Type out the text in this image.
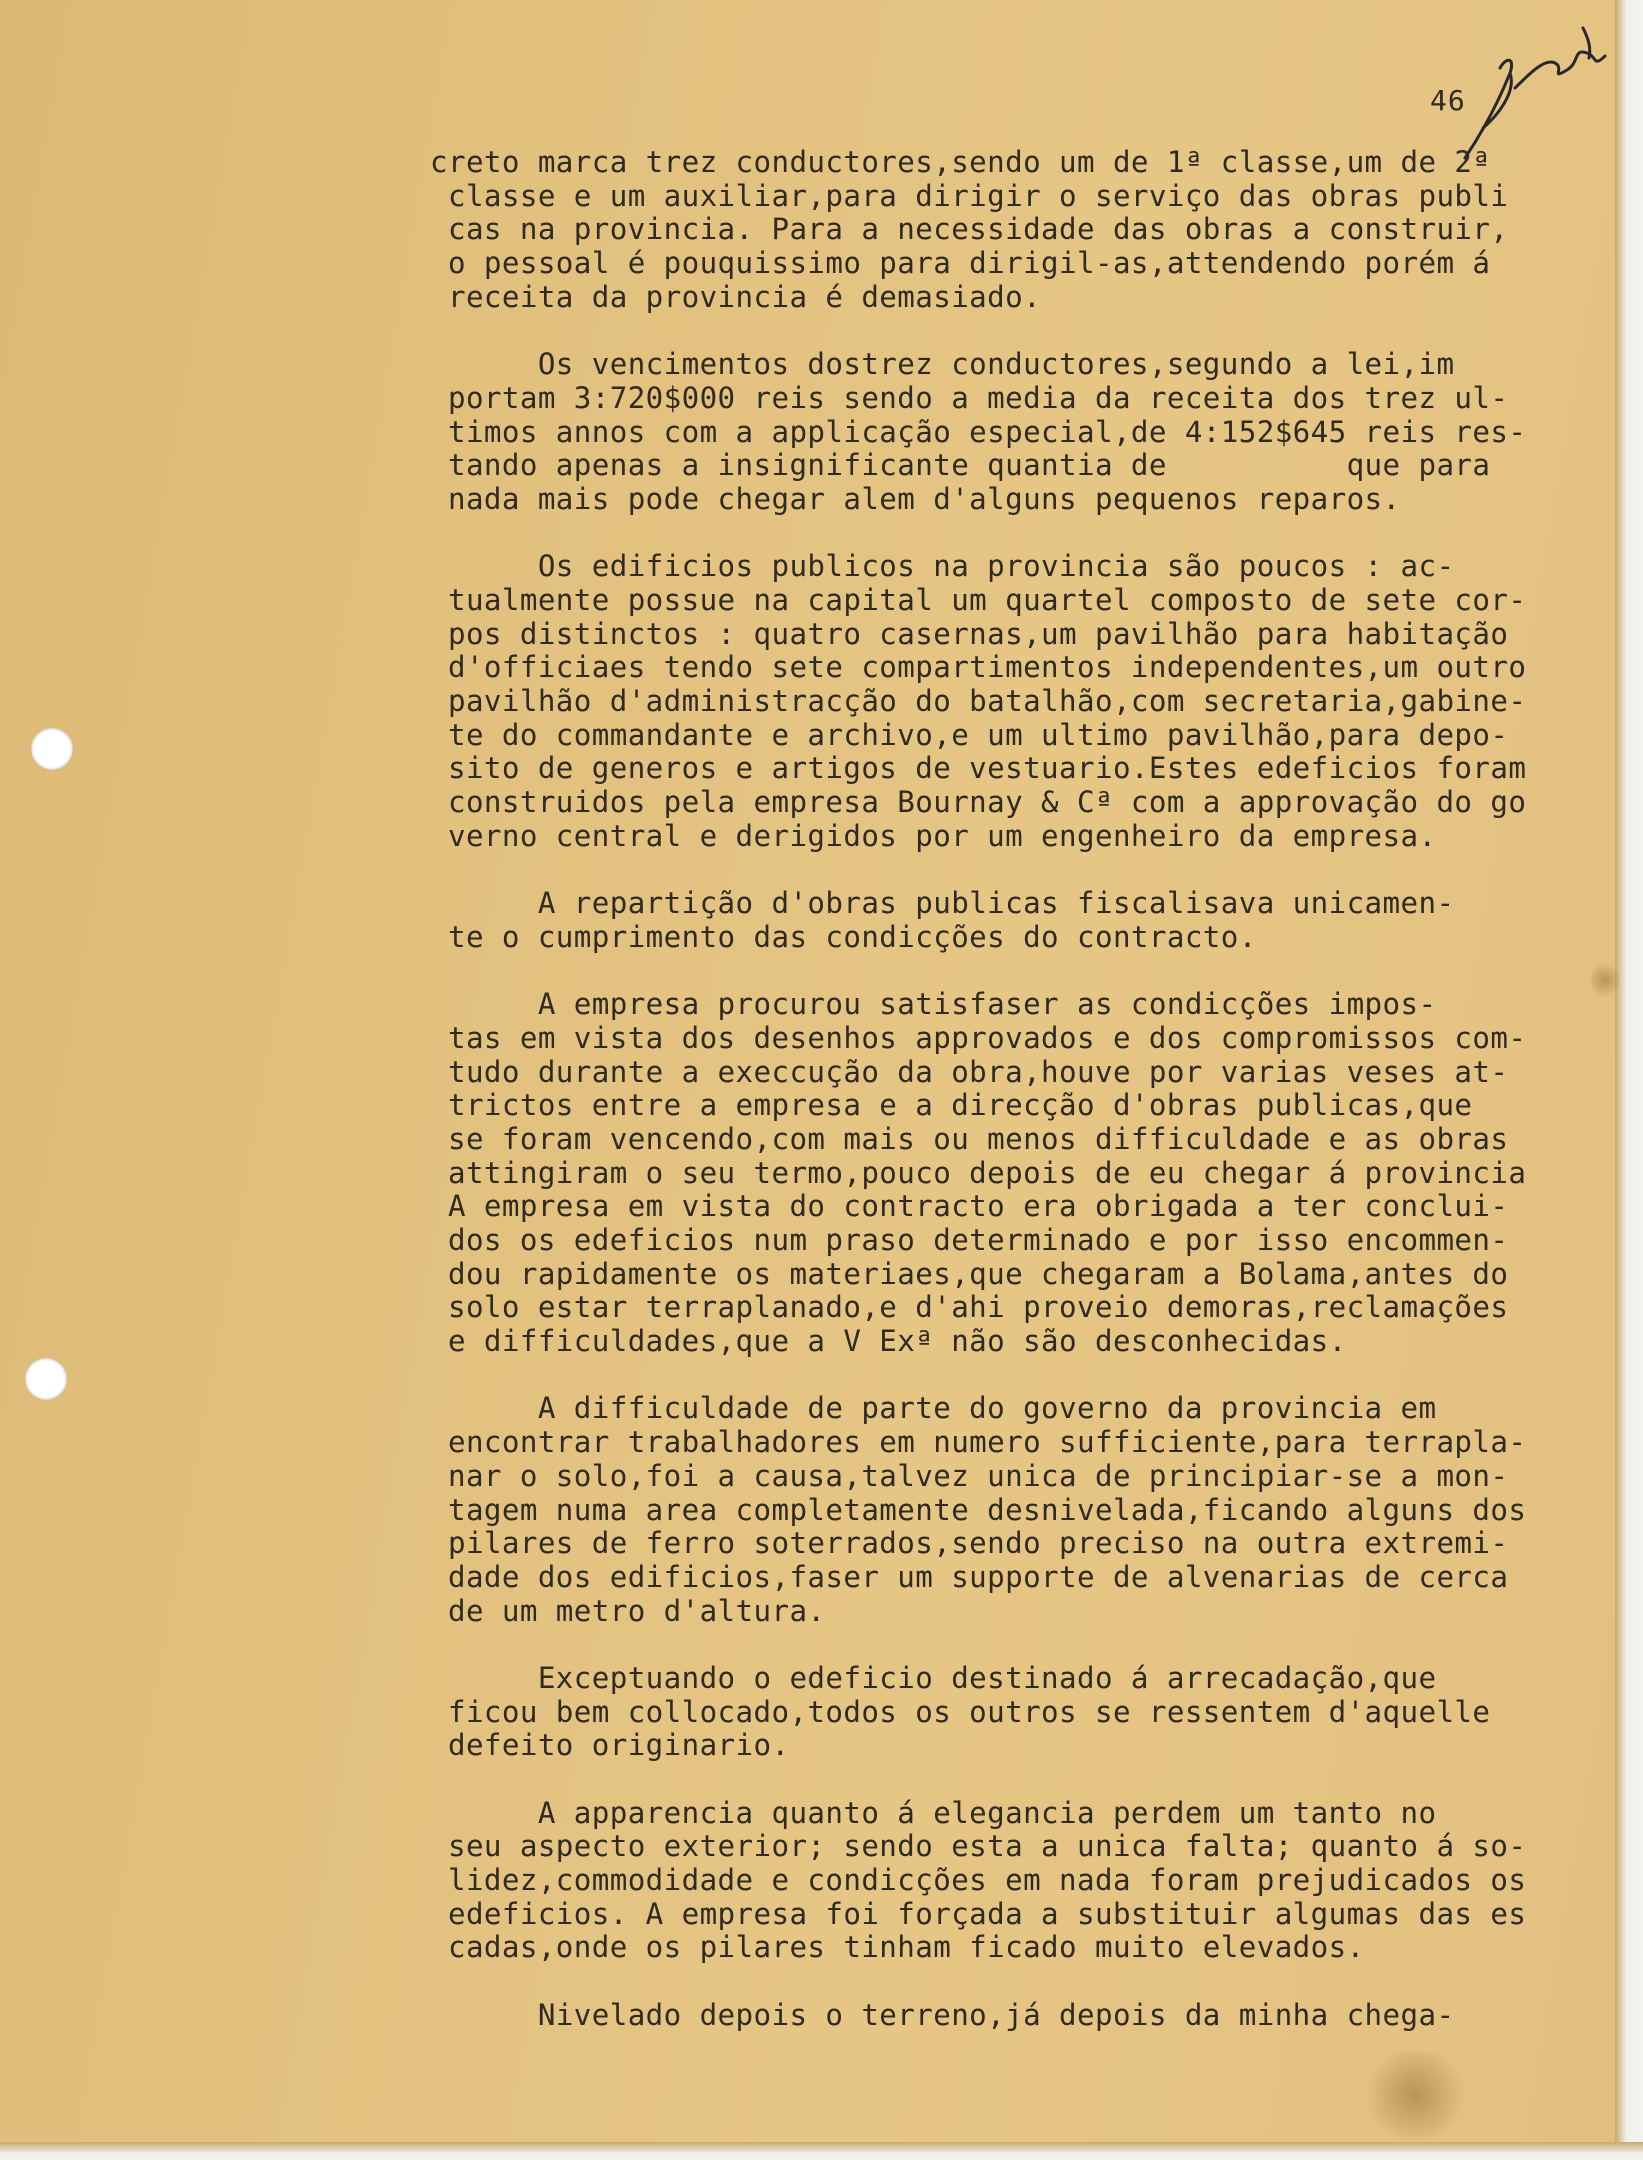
46

creto marca trez conductores,sendo um de 1ª classe,um de 2ª

classe e um auxiliar,para dirigir o serviço das obras publi

cas na provincia. Para a necessidade das obras a construir,

o pessoal é pouquissimo para dirigil-as,attendendo porém á

receita da provincia é demasiado.

Os vencimentos dostrez conductores,segundo a lei,im

portam 3:720$000 reis sendo a media da receita dos trez ul-

timos annos com a applicação especial,de 4:152$645 reis res-

tando apenas a insignificante quantia de          que para

nada mais pode chegar alem d'alguns pequenos reparos.

Os edificios publicos na provincia são poucos : ac-

tualmente possue na capital um quartel composto de sete cor-

pos distinctos : quatro casernas,um pavilhão para habitação

d'officiaes tendo sete compartimentos independentes,um outro

pavilhão d'administracção do batalhão,com secretaria,gabine-

te do commandante e archivo,e um ultimo pavilhão,para depo-

sito de generos e artigos de vestuario.Estes edeficios foram

construidos pela empresa Bournay & Cª com a approvação do go

verno central e derigidos por um engenheiro da empresa.

A repartição d'obras publicas fiscalisava unicamen-

te o cumprimento das condicções do contracto.

A empresa procurou satisfaser as condicções impos-

tas em vista dos desenhos approvados e dos compromissos com-

tudo durante a execcução da obra,houve por varias veses at-

trictos entre a empresa e a direcção d'obras publicas,que

se foram vencendo,com mais ou menos difficuldade e as obras

attingiram o seu termo,pouco depois de eu chegar á provincia

A empresa em vista do contracto era obrigada a ter conclui-

dos os edeficios num praso determinado e por isso encommen-

dou rapidamente os materiaes,que chegaram a Bolama,antes do

solo estar terraplanado,e d'ahi proveio demoras,reclamações

e difficuldades,que a V Exª não são desconhecidas.

A difficuldade de parte do governo da provincia em

encontrar trabalhadores em numero sufficiente,para terrapla-

nar o solo,foi a causa,talvez unica de principiar-se a mon-

tagem numa area completamente desnivelada,ficando alguns dos

pilares de ferro soterrados,sendo preciso na outra extremi-

dade dos edificios,faser um supporte de alvenarias de cerca

de um metro d'altura.

Exceptuando o edeficio destinado á arrecadação,que

ficou bem collocado,todos os outros se ressentem d'aquelle

defeito originario.

A apparencia quanto á elegancia perdem um tanto no

seu aspecto exterior; sendo esta a unica falta; quanto á so-

lidez,commodidade e condicções em nada foram prejudicados os

edeficios. A empresa foi forçada a substituir algumas das es

cadas,onde os pilares tinham ficado muito elevados.

Nivelado depois o terreno,já depois da minha chega-
